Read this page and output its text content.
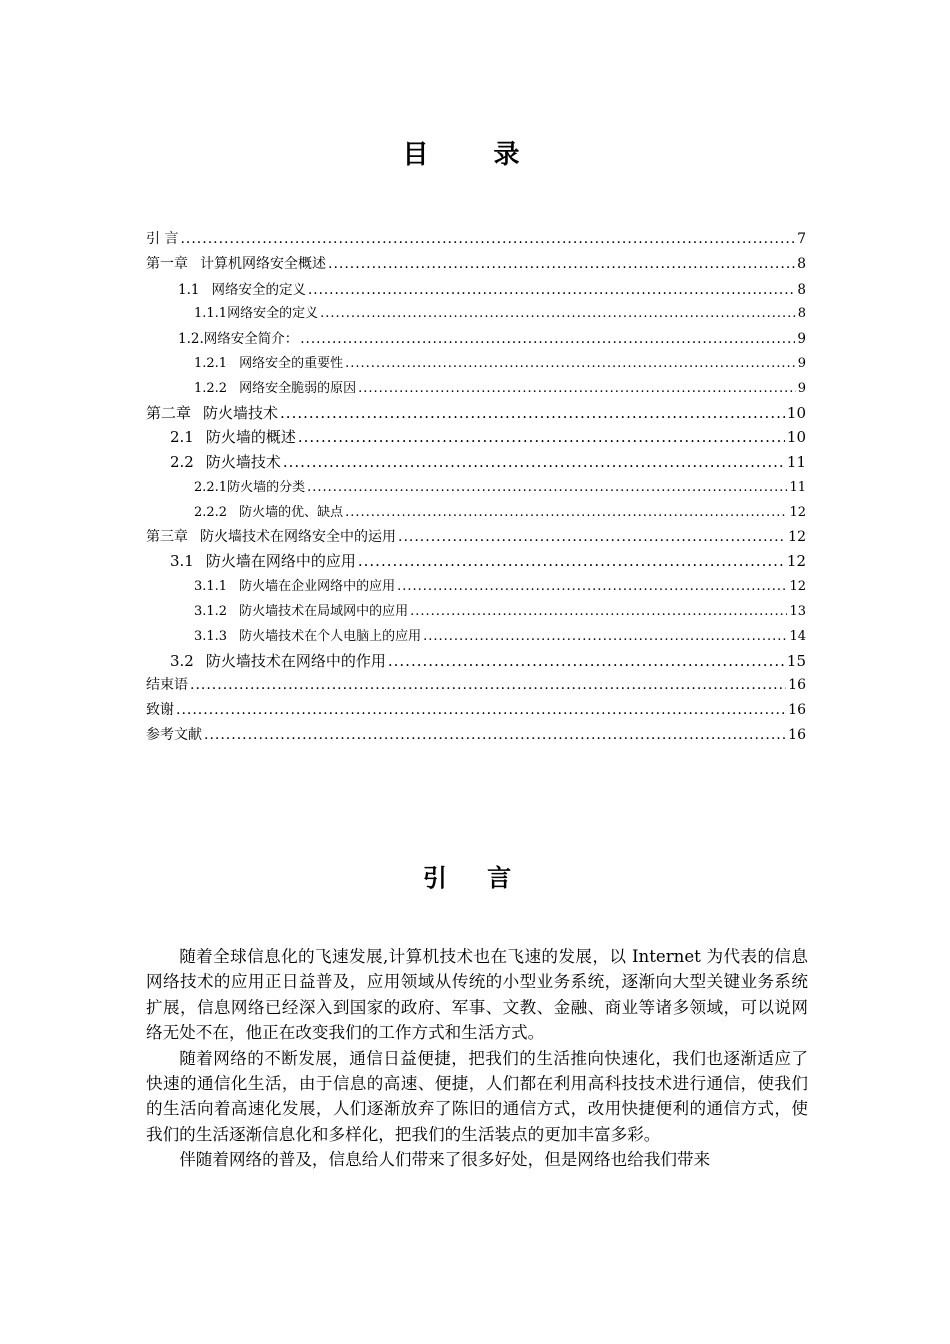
目 录
引 言 .....	7
第一章 计算机网络安全概述 .....	8
1.1 网络安全的定义 .....	8
1.1.1网络安全的定义 .....	8
1.2.网络安全简介： .....	9
1.2.1 网络安全的重要性 .....	9
1.2.2 网络安全脆弱的原因 .....	9
第二章 防火墙技术 .....	10
2.1 防火墙的概述 .....	10
2.2 防火墙技术 .....	11
2.2.1防火墙的分类 .....	11
2.2.2 防火墙的优、缺点 .....	12
第三章 防火墙技术在网络安全中的运用 .....	12
3.1 防火墙在网络中的应用 .....	12
3.1.1 防火墙在企业网络中的应用 .....	12
3.1.2 防火墙技术在局域网中的应用 .....	13
3.1.3 防火墙技术在个人电脑上的应用 .....	14
3.2 防火墙技术在网络中的作用 .....	15
结束语 .....	16
致谢 .....	16
参考文献 .....	16
引 言

随着全球信息化的飞速发展,计算机技术也在飞速的发展，以 Internet 为代表的信息网络技术的应用正日益普及，应用领域从传统的小型业务系统，逐渐向大型关键业务系统扩展，信息网络已经深入到国家的政府、军事、文教、金融、商业等诸多领域，可以说网络无处不在，他正在改变我们的工作方式和生活方式。

随着网络的不断发展，通信日益便捷，把我们的生活推向快速化，我们也逐渐适应了快速的通信化生活，由于信息的高速、便捷，人们都在利用高科技技术进行通信，使我们的生活向着高速化发展，人们逐渐放弃了陈旧的通信方式，改用快捷便利的通信方式，使我们的生活逐渐信息化和多样化，把我们的生活装点的更加丰富多彩。

伴随着网络的普及，信息给人们带来了很多好处，但是网络也给我们带来
